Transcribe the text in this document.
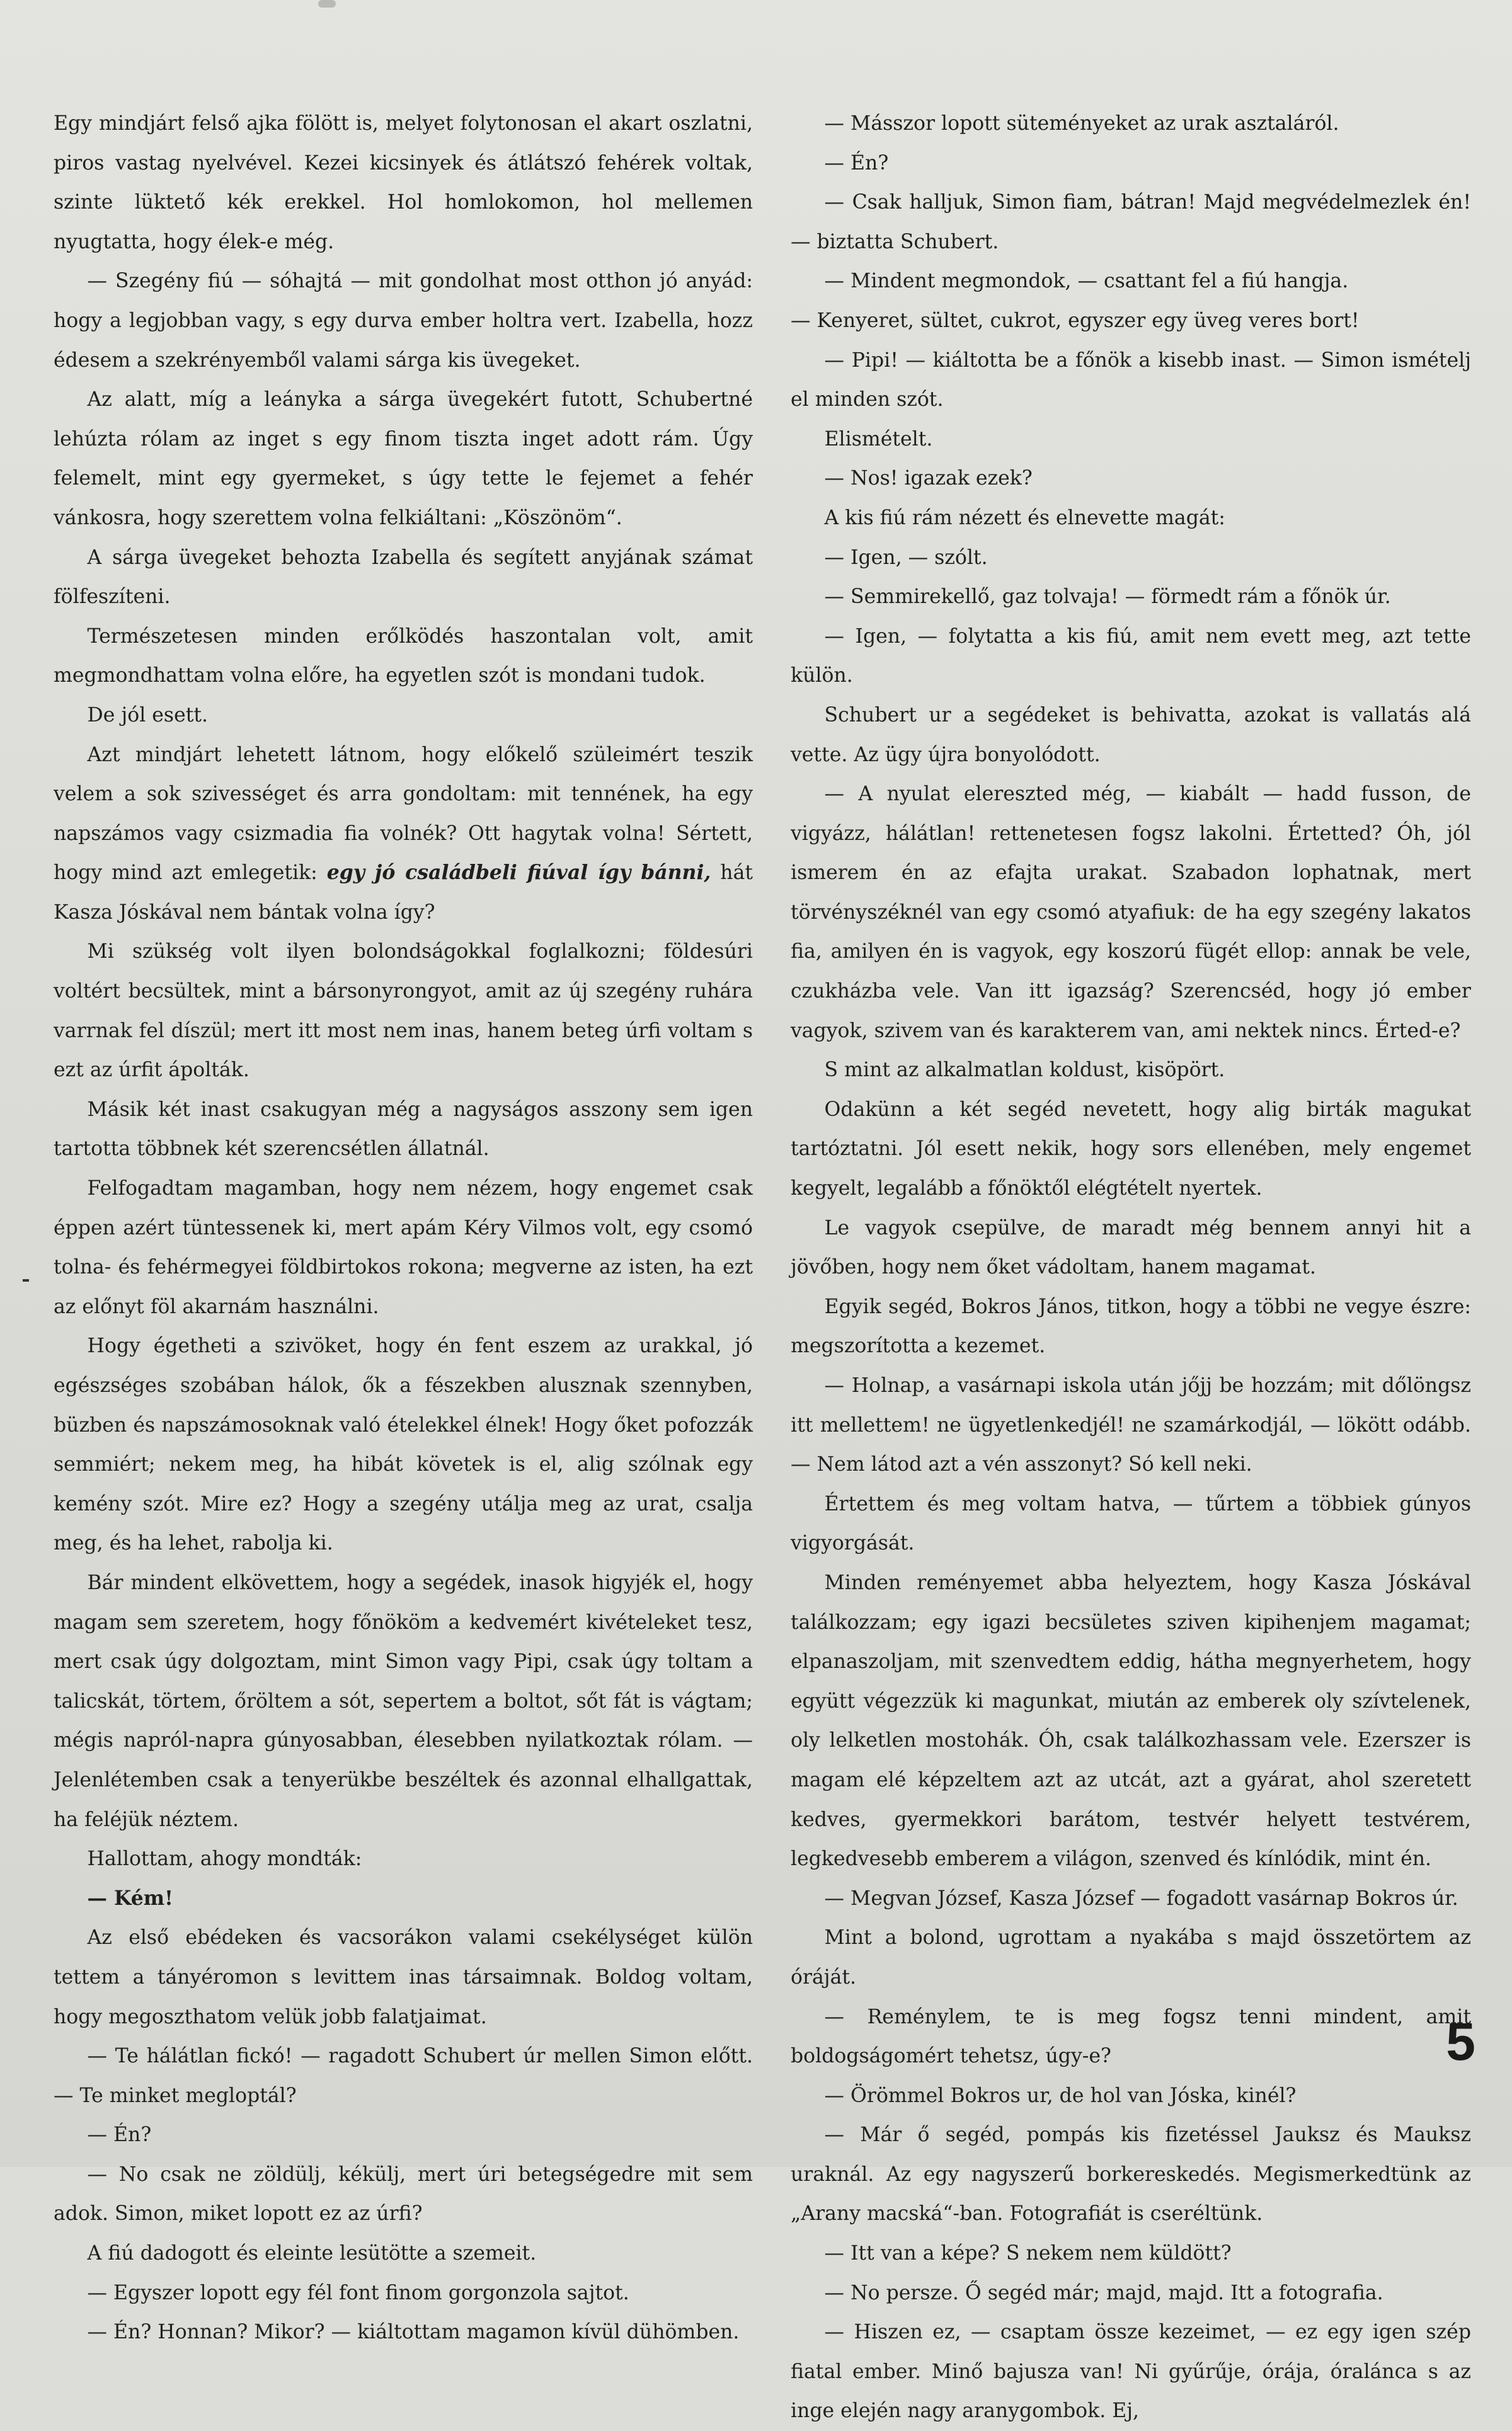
Egy mindjárt felső ajka fölött is, melyet folytonosan el akart oszlatni, piros vastag nyelvével. Kezei kicsinyek és átlátszó fehérek voltak, szinte lüktető kék erekkel. Hol homlokomon, hol mellemen nyugtatta, hogy élek-e még.

— Szegény fiú — sóhajtá — mit gondolhat most otthon jó anyád: hogy a legjobban vagy, s egy durva ember holtra vert. Izabella, hozz édesem a szekrényemből valami sárga kis üvegeket.

Az alatt, míg a leányka a sárga üvegekért futott, Schubertné lehúzta rólam az inget s egy finom tiszta inget adott rám. Úgy felemelt, mint egy gyermeket, s úgy tette le fejemet a fehér vánkosra, hogy szerettem volna felkiáltani: „Köszönöm“.

A sárga üvegeket behozta Izabella és segített anyjának számat fölfeszíteni.

Természetesen minden erőlködés haszontalan volt, amit megmondhattam volna előre, ha egyetlen szót is mondani tudok.

De jól esett.

Azt mindjárt lehetett látnom, hogy előkelő szüleimért teszik velem a sok szivességet és arra gondoltam: mit tennének, ha egy napszámos vagy csizmadia fia volnék? Ott hagytak volna! Sértett, hogy mind azt emlegetik: egy jó családbeli fiúval így bánni, hát Kasza Jóskával nem bántak volna így?

Mi szükség volt ilyen bolondságokkal foglalkozni; földesúri voltért becsültek, mint a bársonyrongyot, amit az új szegény ruhára varrnak fel díszül; mert itt most nem inas, hanem beteg úrfi voltam s ezt az úrfit ápolták.

Másik két inast csakugyan még a nagyságos asszony sem igen tartotta többnek két szerencsétlen állatnál.

Felfogadtam magamban, hogy nem nézem, hogy engemet csak éppen azért tüntessenek ki, mert apám Kéry Vilmos volt, egy csomó tolna- és fehérmegyei földbirtokos rokona; megverne az isten, ha ezt az előnyt föl akarnám használni.

Hogy égetheti a szivöket, hogy én fent eszem az urakkal, jó egészséges szobában hálok, ők a fészekben alusznak szennyben, büzben és napszámosoknak való ételekkel élnek! Hogy őket pofozzák semmiért; nekem meg, ha hibát követek is el, alig szólnak egy kemény szót. Mire ez? Hogy a szegény utálja meg az urat, csalja meg, és ha lehet, rabolja ki.

Bár mindent elkövettem, hogy a segédek, inasok higyjék el, hogy magam sem szeretem, hogy főnököm a kedvemért kivételeket tesz, mert csak úgy dolgoztam, mint Simon vagy Pipi, csak úgy toltam a talicskát, törtem, őröltem a sót, sepertem a boltot, sőt fát is vágtam; mégis napról-napra gúnyosabban, élesebben nyilatkoztak rólam. — Jelenlétemben csak a tenyerükbe beszéltek és azonnal elhallgattak, ha feléjük néztem.

Hallottam, ahogy mondták:

— Kém!

Az első ebédeken és vacsorákon valami csekélységet külön tettem a tányéromon s levittem inas társaimnak. Boldog voltam, hogy megoszthatom velük jobb falatjaimat.

— Te hálátlan fickó! — ragadott Schubert úr mellen Simon előtt. — Te minket megloptál?

— Én?

— No csak ne zöldülj, kékülj, mert úri betegségedre mit sem adok. Simon, miket lopott ez az úrfi?

A fiú dadogott és eleinte lesütötte a szemeit.

— Egyszer lopott egy fél font finom gorgonzola sajtot.

— Én? Honnan? Mikor? — kiáltottam magamon kívül dühömben.

— Másszor lopott süteményeket az urak asztaláról.

— Én?

— Csak halljuk, Simon fiam, bátran! Majd megvédelmezlek én! — biztatta Schubert.

— Mindent megmondok, — csattant fel a fiú hangja.

— Kenyeret, sültet, cukrot, egyszer egy üveg veres bort!

— Pipi! — kiáltotta be a főnök a kisebb inast. — Simon ismételj el minden szót.

Elismételt.

— Nos! igazak ezek?

A kis fiú rám nézett és elnevette magát:

— Igen, — szólt.

— Semmirekellő, gaz tolvaja! — förmedt rám a főnök úr.

— Igen, — folytatta a kis fiú, amit nem evett meg, azt tette külön.

Schubert ur a segédeket is behivatta, azokat is vallatás alá vette. Az ügy újra bonyolódott.

— A nyulat elereszted még, — kiabált — hadd fusson, de vigyázz, hálátlan! rettenetesen fogsz lakolni. Értetted? Óh, jól ismerem én az efajta urakat. Szabadon lophatnak, mert törvényszéknél van egy csomó atyafiuk: de ha egy szegény lakatos fia, amilyen én is vagyok, egy koszorú fügét ellop: annak be vele, czukházba vele. Van itt igazság? Szerencséd, hogy jó ember vagyok, szivem van és karakterem van, ami nektek nincs. Érted-e?

S mint az alkalmatlan koldust, kisöpört.

Odakünn a két segéd nevetett, hogy alig birták magukat tartóztatni. Jól esett nekik, hogy sors ellenében, mely engemet kegyelt, legalább a főnöktől elégtételt nyertek.

Le vagyok csepülve, de maradt még bennem annyi hit a jövőben, hogy nem őket vádoltam, hanem magamat.

Egyik segéd, Bokros János, titkon, hogy a többi ne vegye észre: megszorította a kezemet.

— Holnap, a vasárnapi iskola után jőjj be hozzám; mit dőlöngsz itt mellettem! ne ügyetlenkedjél! ne szamárkodjál, — lökött odább. — Nem látod azt a vén asszonyt? Só kell neki.

Értettem és meg voltam hatva, — tűrtem a többiek gúnyos vigyorgását.

Minden reményemet abba helyeztem, hogy Kasza Jóskával találkozzam; egy igazi becsületes sziven kipihenjem magamat; elpanaszoljam, mit szenvedtem eddig, hátha megnyerhetem, hogy együtt végezzük ki magunkat, miután az emberek oly szívtelenek, oly lelketlen mostohák. Óh, csak találkozhassam vele. Ezerszer is magam elé képzeltem azt az utcát, azt a gyárat, ahol szeretett kedves, gyermekkori barátom, testvér helyett testvérem, legkedvesebb emberem a világon, szenved és kínlódik, mint én.

— Megvan József, Kasza József — fogadott vasárnap Bokros úr.

Mint a bolond, ugrottam a nyakába s majd összetörtem az óráját.

— Reménylem, te is meg fogsz tenni mindent, amit boldogságomért tehetsz, úgy-e?

— Örömmel Bokros ur, de hol van Jóska, kinél?

— Már ő segéd, pompás kis fizetéssel Jauksz és Mauksz uraknál. Az egy nagyszerű borkereskedés. Megismerkedtünk az „Arany macská“-ban. Fotografiát is cseréltünk.

— Itt van a képe? S nekem nem küldött?

— No persze. Ő segéd már; majd, majd. Itt a fotografia.

— Hiszen ez, — csaptam össze kezeimet, — ez egy igen szép fiatal ember. Minő bajusza van! Ni gyűrűje, órája, óralánca s az inge elején nagy aranygombok. Ej,

5
